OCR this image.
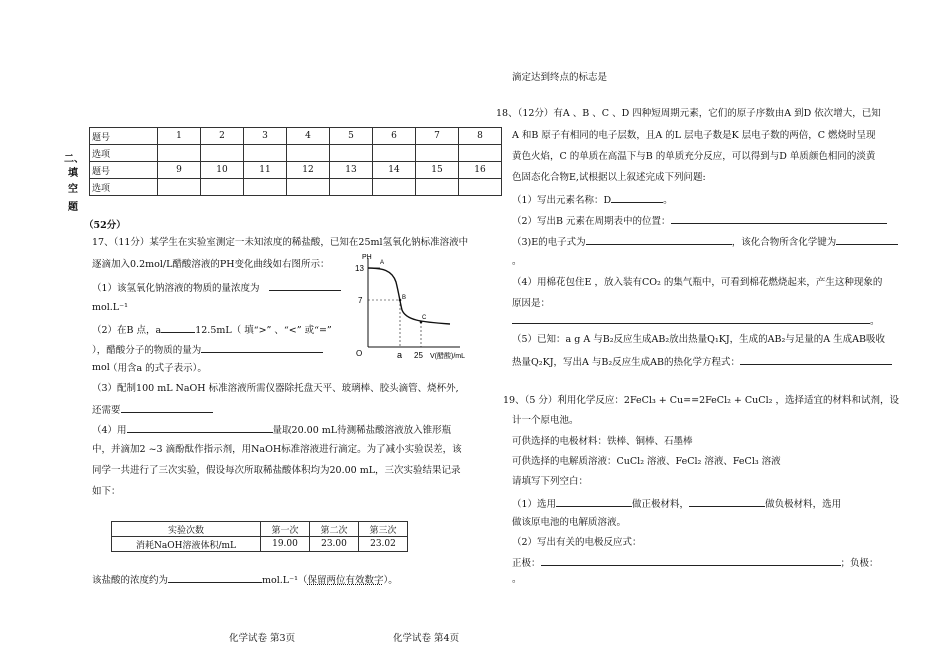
二、
填
空
题
（52分）
题号	1	2	3	4	5	6	7	8
选项								
题号	9	10	11	12	13	14	15	16
选项								
17、（11分）某学生在实验室测定一未知浓度的稀盐酸，已知在25ml氢氧化钠标准溶液中
逐滴加入0.2mol/L醋酸溶液的PH变化曲线如右图所示：
（1）该氢氧化钠溶液的物质的量浓度为
mol.L⁻¹
（2）在B 点，a	12.5mL（ 填“>” 、“<” 或“=”
），醋酸分子的物质的量为
（用含a 的式子表示）。
mol
（3）配制100 mL NaOH 标准溶液所需仪器除托盘天平、玻璃棒、胶头滴管、烧杯外,
还需要
（4）用	量取20.00 mL待测稀盐酸溶液放入锥形瓶
中，并滴加2 ~3 滴酚酞作指示剂，用NaOH标准溶液进行滴定。为了减小实验误差，该
同学一共进行了三次实验，假设每次所取稀盐酸体积均为20.00 mL，三次实验结果记录
如下：
实验次数	第一次	第二次	第三次
消耗NaOH溶液体积/mL	19.00	23.00	23.02
该盐酸的浓度约为	mol.L⁻¹（保留两位有效数字）。
PH
A
13
7	B
C
O	a 25 V(醋酸)/mL
化学试卷 第3页	化学试卷 第4页
滴定达到终点的标志是
18、（12分）有A 、B 、C 、D 四种短周期元素，它们的原子序数由A 到D 依次增大，已知
A 和B 原子有相同的电子层数，且A 的L 层电子数是K 层电子数的两倍，C 燃烧时呈现
黄色火焰，C 的单质在高温下与B 的单质充分反应，可以得到与D 单质颜色相同的淡黄
色固态化合物E,试根据以上叙述完成下列问题:
（1）写出元素名称：D	。
（2）写出B 元素在周期表中的位置：
（3)E的电子式为	，该化合物所含化学键为
。
（4）用棉花包住E ，放入装有CO₂ 的集气瓶中，可看到棉花燃烧起来，产生这种现象的
原因是：
。
（5）已知：a g A 与B₂反应生成AB₂放出热量Q₁KJ，生成的AB₂与足量的A 生成AB吸收
热量Q₂KJ，写出A 与B₂反应生成AB的热化学方程式：
19、（5 分）利用化学反应：2FeCl₃ + Cu==2FeCl₂ + CuCl₂ ，选择适宜的材料和试剂，设
计一个原电池。
可供选择的电极材料：铁棒、铜棒、石墨棒
可供选择的电解质溶液：CuCl₂ 溶液、FeCl₂ 溶液、FeCl₃ 溶液
请填写下列空白：
（1）选用	做正极材料，	做负极材料，选用
做该原电池的电解质溶液。
（2）写出有关的电极反应式：
正极：	；负极：
。
